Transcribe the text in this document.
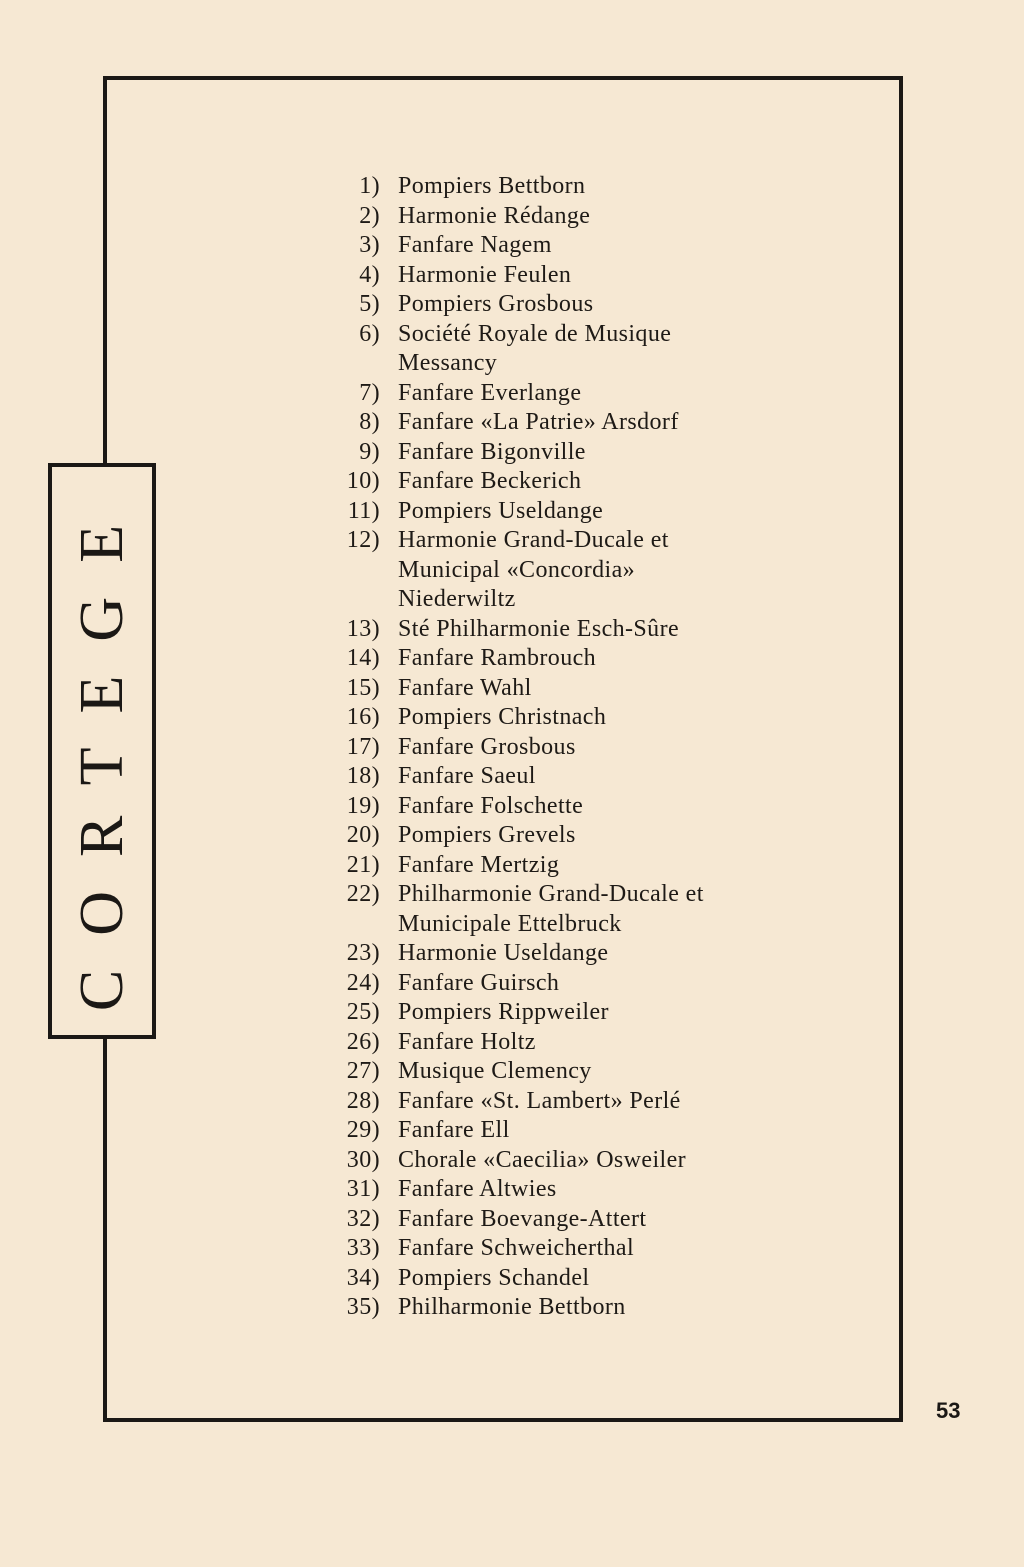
CORTEGE
1) Pompiers Bettborn
2) Harmonie Rédange
3) Fanfare Nagem
4) Harmonie Feulen
5) Pompiers Grosbous
6) Société Royale de Musique Messancy
7) Fanfare Everlange
8) Fanfare «La Patrie» Arsdorf
9) Fanfare Bigonville
10) Fanfare Beckerich
11) Pompiers Useldange
12) Harmonie Grand-Ducale et Municipal «Concordia» Niederwiltz
13) Sté Philharmonie Esch-Sûre
14) Fanfare Rambrouch
15) Fanfare Wahl
16) Pompiers Christnach
17) Fanfare Grosbous
18) Fanfare Saeul
19) Fanfare Folschette
20) Pompiers Grevels
21) Fanfare Mertzig
22) Philharmonie Grand-Ducale et Municipale Ettelbruck
23) Harmonie Useldange
24) Fanfare Guirsch
25) Pompiers Rippweiler
26) Fanfare Holtz
27) Musique Clemency
28) Fanfare «St. Lambert» Perlé
29) Fanfare Ell
30) Chorale «Caecilia» Osweiler
31) Fanfare Altwies
32) Fanfare Boevange-Attert
33) Fanfare Schweicherthal
34) Pompiers Schandel
35) Philharmonie Bettborn
53
